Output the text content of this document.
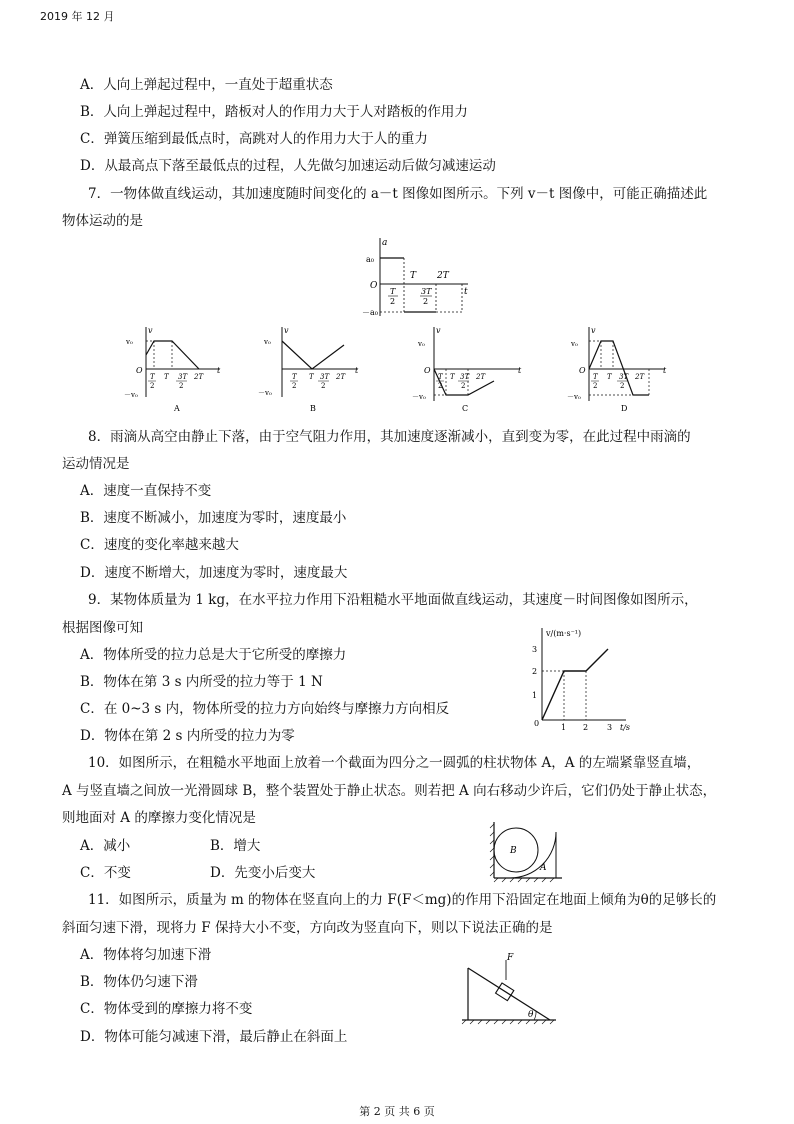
2019 年 12 月
A．人向上弹起过程中，一直处于超重状态
B．人向上弹起过程中，踏板对人的作用力大于人对踏板的作用力
C．弹簧压缩到最低点时，高跳对人的作用力大于人的重力
D．从最高点下落至最低点的过程，人先做匀加速运动后做匀减速运动
7．一物体做直线运动，其加速度随时间变化的 a－t 图像如图所示。下列 v－t 图像中，可能正确描述此
物体运动的是
a
a₀
－a₀
O
t
T 2T
T
2
3T
2
v
v₀
－v₀
O	t
T
2
T 3T
2
2T
A
v
v₀
－v₀
T
2
T 3T
2
2T
t
B
v
v₀
－v₀
O
T
2
T 3T
2
2T
t
C
v
v₀
－v₀
O
T
2
T 3T
2
2T
t
D
8．雨滴从高空由静止下落，由于空气阻力作用，其加速度逐渐减小，直到变为零，在此过程中雨滴的
运动情况是
A．速度一直保持不变
B．速度不断减小，加速度为零时，速度最小
C．速度的变化率越来越大
D．速度不断增大，加速度为零时，速度最大
9．某物体质量为 1 kg，在水平拉力作用下沿粗糙水平地面做直线运动，其速度－时间图像如图所示，
根据图像可知
A．物体所受的拉力总是大于它所受的摩擦力
B．物体在第 3 s 内所受的拉力等于 1 N
C．在 0~3 s 内，物体所受的拉力方向始终与摩擦力方向相反
D．物体在第 2 s 内所受的拉力为零
v/(m·s⁻¹)
3
2
1
0	1 2 3 t/s
10．如图所示，在粗糙水平地面上放着一个截面为四分之一圆弧的柱状物体 A，A 的左端紧靠竖直墙，
A 与竖直墙之间放一光滑圆球 B，整个装置处于静止状态。则若把 A 向右移动少许后，它们仍处于静止状态，
则地面对 A 的摩擦力变化情况是
A．减小	B．增大
C．不变	D．先变小后变大
B
A
11．如图所示，质量为 m 的物体在竖直向上的力 F(F＜mg)的作用下沿固定在地面上倾角为θ的足够长的
斜面匀速下滑，现将力 F 保持大小不变，方向改为竖直向下，则以下说法正确的是
A．物体将匀加速下滑
B．物体仍匀速下滑
C．物体受到的摩擦力将不变
D．物体可能匀减速下滑，最后静止在斜面上
F
θ
第 2 页 共 6 页
